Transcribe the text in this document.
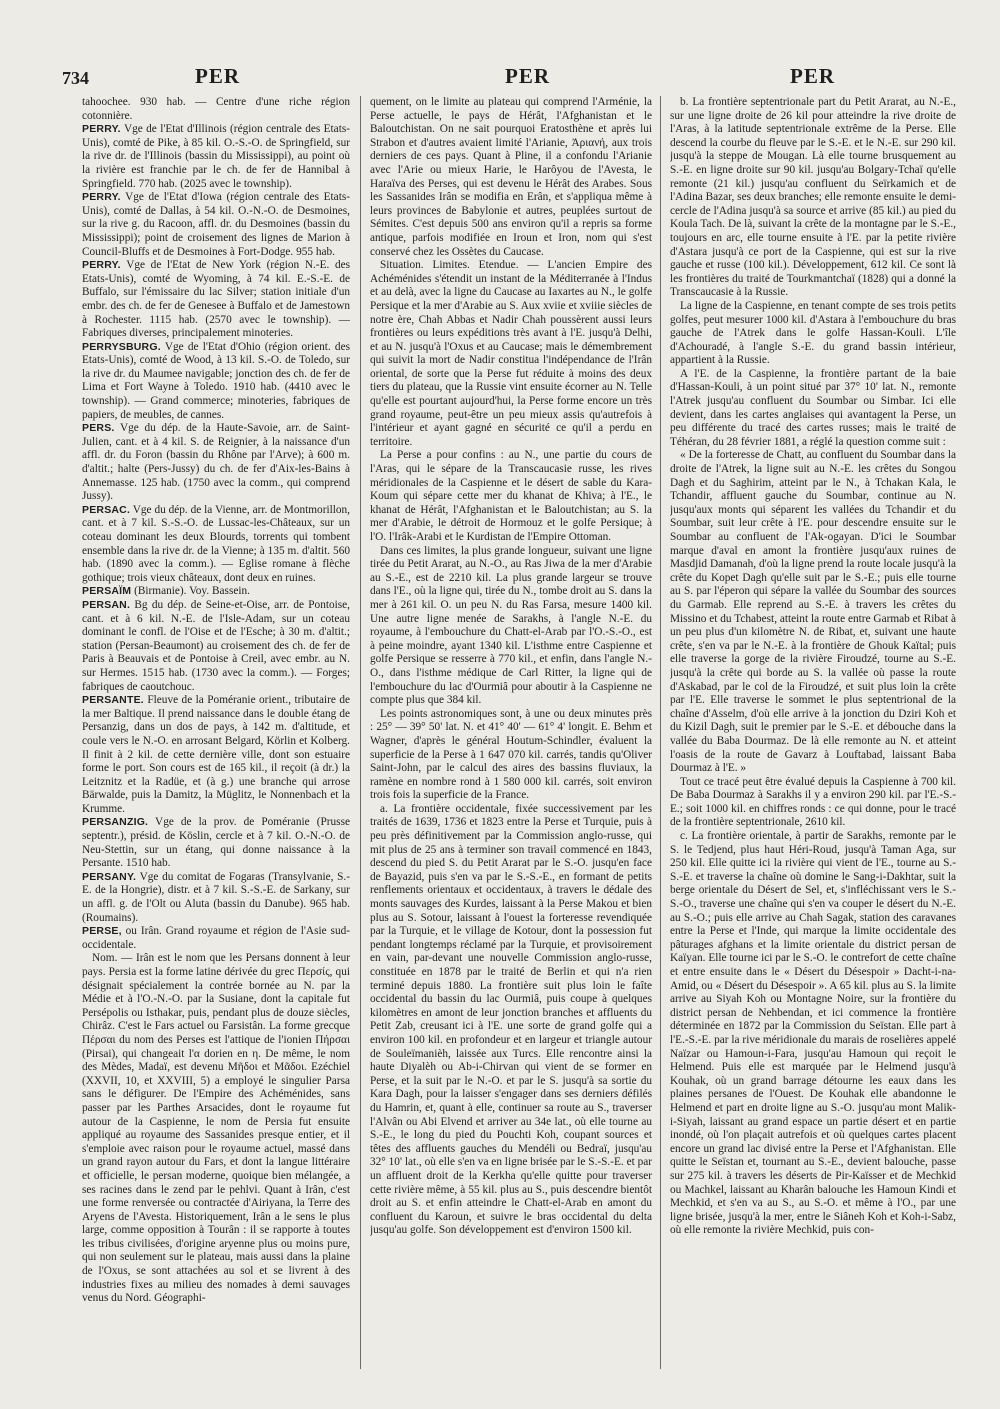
734	PER	PER	PER

tahoochee. 930 hab. — Centre d'une riche région cotonnière.

PERRY. Vge de l'Etat d'Illinois (région centrale des Etats-Unis), comté de Pike, à 85 kil. O.-S.-O. de Springfield, sur la rive dr. de l'Illinois (bassin du Mississippi), au point où la rivière est franchie par le ch. de fer de Hannibal à Springfield. 770 hab. (2025 avec le township).

PERRY. Vge de l'Etat d'Iowa (région centrale des Etats-Unis), comté de Dallas, à 54 kil. O.-N.-O. de Desmoines, sur la rive g. du Racoon, affl. dr. du Desmoines (bassin du Mississippi); point de croisement des lignes de Marion à Council-Bluffs et de Desmoines à Fort-Dodge. 955 hab.

PERRY. Vge de l'Etat de New York (région N.-E. des Etats-Unis), comté de Wyoming, à 74 kil. E.-S.-E. de Buffalo, sur l'émissaire du lac Silver; station initiale d'un embr. des ch. de fer de Genesee à Buffalo et de Jamestown à Rochester. 1115 hab. (2570 avec le township). — Fabriques diverses, principalement minoteries.

PERRYSBURG. Vge de l'Etat d'Ohio (région orient. des Etats-Unis), comté de Wood, à 13 kil. S.-O. de Toledo, sur la rive dr. du Maumee navigable; jonction des ch. de fer de Lima et Fort Wayne à Toledo. 1910 hab. (4410 avec le township). — Grand commerce; minoteries, fabriques de papiers, de meubles, de cannes.

PERS. Vge du dép. de la Haute-Savoie, arr. de Saint-Julien, cant. et à 4 kil. S. de Reignier, à la naissance d'un affl. dr. du Foron (bassin du Rhône par l'Arve); à 600 m. d'altit.; halte (Pers-Jussy) du ch. de fer d'Aix-les-Bains à Annemasse. 125 hab. (1750 avec la comm., qui comprend Jussy).

PERSAC. Vge du dép. de la Vienne, arr. de Montmorillon, cant. et à 7 kil. S.-S.-O. de Lussac-les-Châteaux, sur un coteau dominant les deux Blourds, torrents qui tombent ensemble dans la rive dr. de la Vienne; à 135 m. d'altit. 560 hab. (1890 avec la comm.). — Eglise romane à flèche gothique; trois vieux châteaux, dont deux en ruines.

PERSAÏM (Birmanie). Voy. Bassein.

PERSAN. Bg du dép. de Seine-et-Oise, arr. de Pontoise, cant. et à 6 kil. N.-E. de l'Isle-Adam, sur un coteau dominant le confl. de l'Oise et de l'Esche; à 30 m. d'altit.; station (Persan-Beaumont) au croisement des ch. de fer de Paris à Beauvais et de Pontoise à Creil, avec embr. au N. sur Hermes. 1515 hab. (1730 avec la comm.). — Forges; fabriques de caoutchouc.

PERSANTE. Fleuve de la Poméranie orient., tributaire de la mer Baltique. Il prend naissance dans le double étang de Persanzig, dans un dos de pays, à 142 m. d'altitude, et coule vers le N.-O. en arrosant Belgard, Körlin et Kolberg. Il finit à 2 kil. de cette dernière ville, dont son estuaire forme le port. Son cours est de 165 kil., il reçoit (à dr.) la Leitznitz et la Radüe, et (à g.) une branche qui arrose Bärwalde, puis la Damitz, la Müglitz, le Nonnenbach et la Krumme.

PERSANZIG. Vge de la prov. de Poméranie (Prusse septentr.), présid. de Köslin, cercle et à 7 kil. O.-N.-O. de Neu-Stettin, sur un étang, qui donne naissance à la Persante. 1510 hab.

PERSANY. Vge du comitat de Fogaras (Transylvanie, S.-E. de la Hongrie), distr. et à 7 kil. S.-S.-E. de Sarkany, sur un affl. g. de l'Olt ou Aluta (bassin du Danube). 965 hab. (Roumains).

PERSE, ou Irân. Grand royaume et région de l'Asie sud-occidentale.

Nom. — Irân est le nom que les Persans donnent à leur pays. Persia est la forme latine dérivée du grec Περσίς, qui désignait spécialement la contrée bornée au N. par la Médie et à l'O.-N.-O. par la Susiane, dont la capitale fut Persépolis ou Isthakar, puis, pendant plus de douze siècles, Chirâz. C'est le Fars actuel ou Farsistân. La forme grecque Πέρσαι du nom des Perses est l'attique de l'ionien Πήρσαι (Pirsai), qui changeait l'α dorien en η. De même, le nom des Mèdes, Madaï, est devenu Μῆδοι et Μᾶδοι. Ezéchiel (XXVII, 10, et XXVIII, 5) a employé le singulier Parsa sans le défigurer. De l'Empire des Achéménides, sans passer par les Parthes Arsacides, dont le royaume fut autour de la Caspienne, le nom de Persia fut ensuite appliqué au royaume des Sassanides presque entier, et il s'emploie avec raison pour le royaume actuel, massé dans un grand rayon autour du Fars, et dont la langue littéraire et officielle, le persan moderne, quoique bien mélangée, a ses racines dans le zend par le pehlvi. Quant à Irân, c'est une forme renversée ou contractée d'Airiyana, la Terre des Aryens de l'Avesta. Historiquement, Irân a le sens le plus large, comme opposition à Tourân : il se rapporte à toutes les tribus civilisées, d'origine aryenne plus ou moins pure, qui non seulement sur le plateau, mais aussi dans la plaine de l'Oxus, se sont attachées au sol et se livrent à des industries fixes au milieu des nomades à demi sauvages venus du Nord. Géographi-

quement, on le limite au plateau qui comprend l'Arménie, la Perse actuelle, le pays de Hérât, l'Afghanistan et le Baloutchistan. On ne sait pourquoi Eratosthène et après lui Strabon et d'autres avaient limité l'Arianie, Ἀριανή, aux trois derniers de ces pays. Quant à Pline, il a confondu l'Arianie avec l'Arie ou mieux Harie, le Harôyou de l'Avesta, le Haraïva des Perses, qui est devenu le Hérât des Arabes. Sous les Sassanides Irân se modifia en Erân, et s'appliqua même à leurs provinces de Babylonie et autres, peuplées surtout de Sémites. C'est depuis 500 ans environ qu'il a repris sa forme antique, parfois modifiée en Iroun et Iron, nom qui s'est conservé chez les Ossètes du Caucase.

Situation. Limites. Etendue. — L'ancien Empire des Achéménides s'étendit un instant de la Méditerranée à l'Indus et au delà, avec la ligne du Caucase au Iaxartes au N., le golfe Persique et la mer d'Arabie au S. Aux xviie et xviiie siècles de notre ère, Chah Abbas et Nadir Chah poussèrent aussi leurs frontières ou leurs expéditions très avant à l'E. jusqu'à Delhi, et au N. jusqu'à l'Oxus et au Caucase; mais le démembrement qui suivit la mort de Nadir constitua l'indépendance de l'Irân oriental, de sorte que la Perse fut réduite à moins des deux tiers du plateau, que la Russie vint ensuite écorner au N. Telle qu'elle est pourtant aujourd'hui, la Perse forme encore un très grand royaume, peut-être un peu mieux assis qu'autrefois à l'intérieur et ayant gagné en sécurité ce qu'il a perdu en territoire.

La Perse a pour confins : au N., une partie du cours de l'Aras, qui le sépare de la Transcaucasie russe, les rives méridionales de la Caspienne et le désert de sable du Kara-Koum qui sépare cette mer du khanat de Khiva; à l'E., le khanat de Hérât, l'Afghanistan et le Baloutchistan; au S. la mer d'Arabie, le détroit de Hormouz et le golfe Persique; à l'O. l'Irâk-Arabi et le Kurdistan de l'Empire Ottoman.

Dans ces limites, la plus grande longueur, suivant une ligne tirée du Petit Ararat, au N.-O., au Ras Jiwa de la mer d'Arabie au S.-E., est de 2210 kil. La plus grande largeur se trouve dans l'E., où la ligne qui, tirée du N., tombe droit au S. dans la mer à 261 kil. O. un peu N. du Ras Farsa, mesure 1400 kil. Une autre ligne menée de Sarakhs, à l'angle N.-E. du royaume, à l'embouchure du Chatt-el-Arab par l'O.-S.-O., est à peine moindre, ayant 1340 kil. L'isthme entre Caspienne et golfe Persique se resserre à 770 kil., et enfin, dans l'angle N.-O., dans l'isthme médique de Carl Ritter, la ligne qui de l'embouchure du lac d'Ourmiâ pour aboutir à la Caspienne ne compte plus que 384 kil.

Les points astronomiques sont, à une ou deux minutes près : 25° — 39° 50' lat. N. et 41° 40' — 61° 4' longit. E. Behm et Wagner, d'après le général Houtum-Schindler, évaluent la superficie de la Perse à 1 647 070 kil. carrés, tandis qu'Oliver Saint-John, par le calcul des aires des bassins fluviaux, la ramène en nombre rond à 1 580 000 kil. carrés, soit environ trois fois la superficie de la France.

a. La frontière occidentale, fixée successivement par les traités de 1639, 1736 et 1823 entre la Perse et Turquie, puis à peu près définitivement par la Commission anglo-russe, qui mit plus de 25 ans à terminer son travail commencé en 1843, descend du pied S. du Petit Ararat par le S.-O. jusqu'en face de Bayazid, puis s'en va par le S.-S.-E., en formant de petits renflements orientaux et occidentaux, à travers le dédale des monts sauvages des Kurdes, laissant à la Perse Makou et bien plus au S. Sotour, laissant à l'ouest la forteresse revendiquée par la Turquie, et le village de Kotour, dont la possession fut pendant longtemps réclamé par la Turquie, et provisoirement en vain, par-devant une nouvelle Commission anglo-russe, constituée en 1878 par le traité de Berlin et qui n'a rien terminé depuis 1880. La frontière suit plus loin le faîte occidental du bassin du lac Ourmiâ, puis coupe à quelques kilomètres en amont de leur jonction branches et affluents du Petit Zab, creusant ici à l'E. une sorte de grand golfe qui a environ 100 kil. en profondeur et en largeur et triangle autour de Souleïmanièh, laissée aux Turcs. Elle rencontre ainsi la haute Diyalèh ou Ab-i-Chirvan qui vient de se former en Perse, et la suit par le N.-O. et par le S. jusqu'à sa sortie du Kara Dagh, pour la laisser s'engager dans ses derniers défilés du Hamrin, et, quant à elle, continuer sa route au S., traverser l'Alvân ou Abi Elvend et arriver au 34e lat., où elle tourne au S.-E., le long du pied du Pouchti Koh, coupant sources et têtes des affluents gauches du Mendéli ou Bedraï, jusqu'au 32° 10' lat., où elle s'en va en ligne brisée par le S.-S.-E. et par un affluent droit de la Kerkha qu'elle quitte pour traverser cette rivière même, à 55 kil. plus au S., puis descendre bientôt droit au S. et enfin atteindre le Chatt-el-Arab en amont du confluent du Karoun, et suivre le bras occidental du delta jusqu'au golfe. Son développement est d'environ 1500 kil.

b. La frontière septentrionale part du Petit Ararat, au N.-E., sur une ligne droite de 26 kil pour atteindre la rive droite de l'Aras, à la latitude septentrionale extrême de la Perse. Elle descend la courbe du fleuve par le S.-E. et le N.-E. sur 290 kil. jusqu'à la steppe de Mougan. Là elle tourne brusquement au S.-E. en ligne droite sur 90 kil. jusqu'au Bolgary-Tchaï qu'elle remonte (21 kil.) jusqu'au confluent du Seïrkamich et de l'Adina Bazar, ses deux branches; elle remonte ensuite le demi-cercle de l'Adina jusqu'à sa source et arrive (85 kil.) au pied du Koula Tach. De là, suivant la crête de la montagne par le S.-E., toujours en arc, elle tourne ensuite à l'E. par la petite rivière d'Astara jusqu'à ce port de la Caspienne, qui est sur la rive gauche et russe (100 kil.). Développement, 612 kil. Ce sont là les frontières du traité de Tourkmantchaï (1828) qui a donné la Transcaucasie à la Russie.

La ligne de la Caspienne, en tenant compte de ses trois petits golfes, peut mesurer 1000 kil. d'Astara à l'embouchure du bras gauche de l'Atrek dans le golfe Hassan-Kouli. L'île d'Achouradé, à l'angle S.-E. du grand bassin intérieur, appartient à la Russie.

A l'E. de la Caspienne, la frontière partant de la baie d'Hassan-Kouli, à un point situé par 37° 10' lat. N., remonte l'Atrek jusqu'au confluent du Soumbar ou Simbar. Ici elle devient, dans les cartes anglaises qui avantagent la Perse, un peu différente du tracé des cartes russes; mais le traité de Téhéran, du 28 février 1881, a réglé la question comme suit :

« De la forteresse de Chatt, au confluent du Soumbar dans la droite de l'Atrek, la ligne suit au N.-E. les crêtes du Songou Dagh et du Saghirim, atteint par le N., à Tchakan Kala, le Tchandir, affluent gauche du Soumbar, continue au N. jusqu'aux monts qui séparent les vallées du Tchandir et du Soumbar, suit leur crête à l'E. pour descendre ensuite sur le Soumbar au confluent de l'Ak-ogayan. D'ici le Soumbar marque d'aval en amont la frontière jusqu'aux ruines de Masdjid Damanah, d'où la ligne prend la route locale jusqu'à la crête du Kopet Dagh qu'elle suit par le S.-E.; puis elle tourne au S. par l'éperon qui sépare la vallée du Soumbar des sources du Garmab. Elle reprend au S.-E. à travers les crêtes du Missino et du Tchabest, atteint la route entre Garmab et Ribat à un peu plus d'un kilomètre N. de Ribat, et, suivant une haute crête, s'en va par le N.-E. à la frontière de Ghouk Kaïtal; puis elle traverse la gorge de la rivière Firoudzé, tourne au S.-E. jusqu'à la crête qui borde au S. la vallée où passe la route d'Askabad, par le col de la Firoudzé, et suit plus loin la crête par l'E. Elle traverse le sommet le plus septentrional de la chaîne d'Asselm, d'où elle arrive à la jonction du Dziri Koh et du Kizil Dagh, suit le premier par le S.-E. et débouche dans la vallée du Baba Dourmaz. De là elle remonte au N. et atteint l'oasis de la route de Gavarz à Louftabad, laissant Baba Dourmaz à l'E. »

Tout ce tracé peut être évalué depuis la Caspienne à 700 kil. De Baba Dourmaz à Sarakhs il y a environ 290 kil. par l'E.-S.-E.; soit 1000 kil. en chiffres ronds : ce qui donne, pour le tracé de la frontière septentrionale, 2610 kil.

c. La frontière orientale, à partir de Sarakhs, remonte par le S. le Tedjend, plus haut Héri-Roud, jusqu'à Taman Aga, sur 250 kil. Elle quitte ici la rivière qui vient de l'E., tourne au S.-S.-E. et traverse la chaîne où domine le Sang-i-Dakhtar, suit la berge orientale du Désert de Sel, et, s'infléchissant vers le S.-S.-O., traverse une chaîne qui s'en va couper le désert du N.-E. au S.-O.; puis elle arrive au Chah Sagak, station des caravanes entre la Perse et l'Inde, qui marque la limite occidentale des pâturages afghans et la limite orientale du district persan de Kaïyan. Elle tourne ici par le S.-O. le contrefort de cette chaîne et entre ensuite dans le « Désert du Désespoir » Dacht-i-na-Amid, ou « Désert du Désespoir ». A 65 kil. plus au S. la limite arrive au Siyah Koh ou Montagne Noire, sur la frontière du district persan de Nehbendan, et ici commence la frontière déterminée en 1872 par la Commission du Seïstan. Elle part à l'E.-S.-E. par la rive méridionale du marais de roselières appelé Naïzar ou Hamoun-i-Fara, jusqu'au Hamoun qui reçoit le Helmend. Puis elle est marquée par le Helmend jusqu'à Kouhak, où un grand barrage détourne les eaux dans les plaines persanes de l'Ouest. De Kouhak elle abandonne le Helmend et part en droite ligne au S.-O. jusqu'au mont Malik-i-Siyah, laissant au grand espace un partie désert et en partie inondé, où l'on plaçait autrefois et où quelques cartes placent encore un grand lac divisé entre la Perse et l'Afghanistan. Elle quitte le Seïstan et, tournant au S.-E., devient balouche, passe sur 275 kil. à travers les déserts de Pir-Kaïsser et de Mechkid ou Machkel, laissant au Kharân balouche les Hamoun Kindi et Mechkid, et s'en va au S., au S.-O. et même à l'O., par une ligne brisée, jusqu'à la mer, entre le Siâneh Koh et Koh-i-Sabz, où elle remonte la rivière Mechkid, puis con-
